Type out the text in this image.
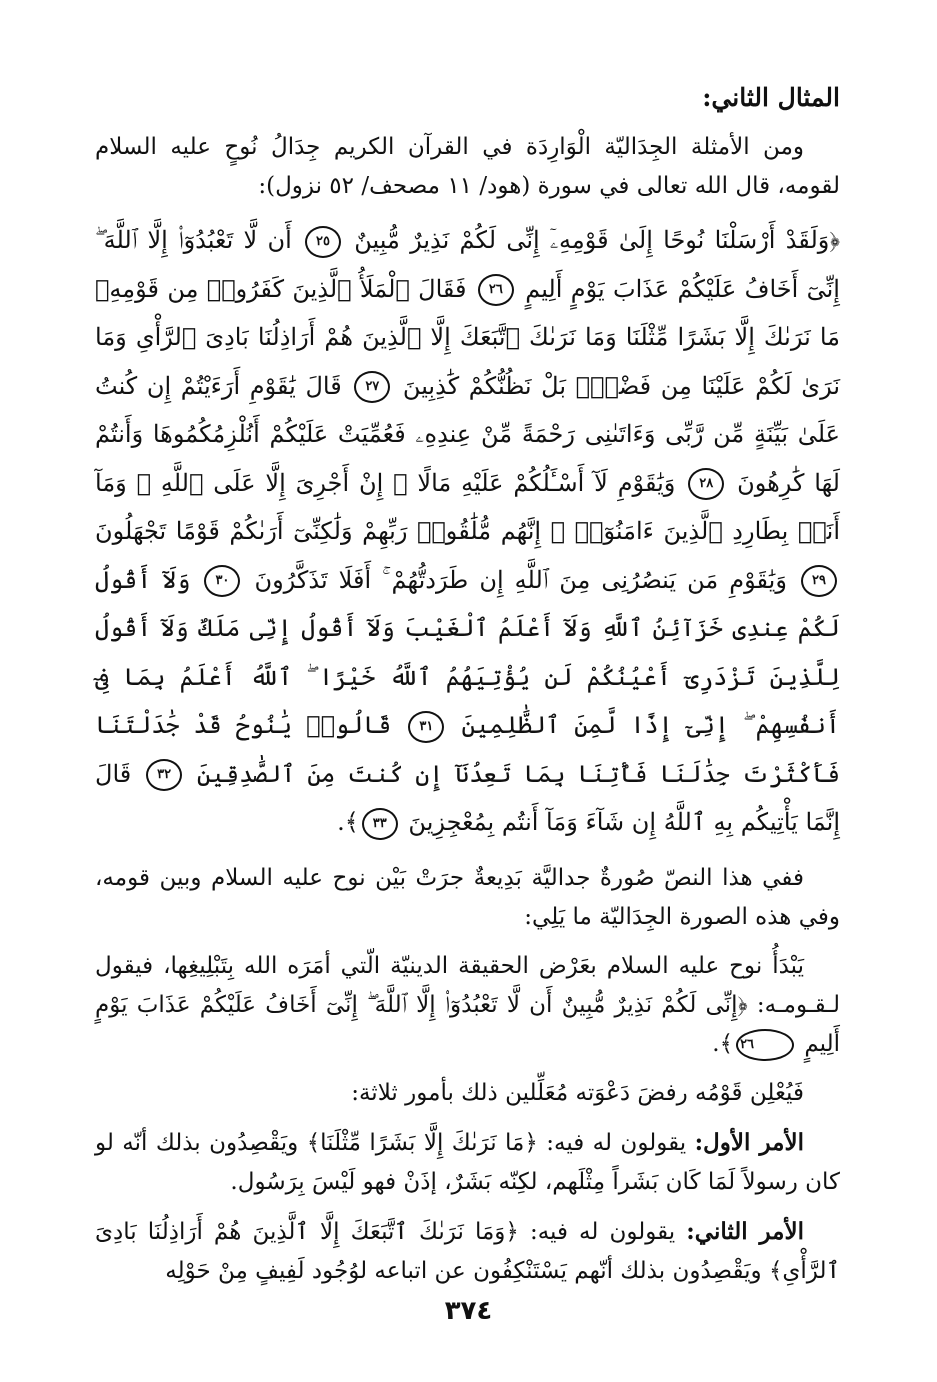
المثال الثاني:

ومن الأمثلة الجِدَاليّة الْوَارِدَة في القرآن الكريم جِدَالُ نُوحٍ عليه السلام لقومه، قال الله تعالى في سورة (هود/ ١١ مصحف/ ٥٢ نزول):

﴿وَلَقَدْ أَرْسَلْنَا نُوحًا إِلَىٰ قَوْمِهِۦٓ إِنِّى لَكُمْ نَذِيرٌ مُّبِينٌ ٢٥ أَن لَّا تَعْبُدُوٓا۟ إِلَّا ٱللَّهَ ۖ إِنِّىٓ أَخَافُ عَلَيْكُمْ عَذَابَ يَوْمٍ أَلِيمٍ ٢٦ فَقَالَ ٱلْمَلَأُ ٱلَّذِينَ كَفَرُوا۟ مِن قَوْمِهِۦ مَا نَرَىٰكَ إِلَّا بَشَرًا مِّثْلَنَا وَمَا نَرَىٰكَ ٱتَّبَعَكَ إِلَّا ٱلَّذِينَ هُمْ أَرَاذِلُنَا بَادِىَ ٱلرَّأْىِ وَمَا نَرَىٰ لَكُمْ عَلَيْنَا مِن فَضْلٍۭ بَلْ نَظُنُّكُمْ كَٰذِبِينَ ٢٧ قَالَ يَٰقَوْمِ أَرَءَيْتُمْ إِن كُنتُ عَلَىٰ بَيِّنَةٍ مِّن رَّبِّى وَءَاتَىٰنِى رَحْمَةً مِّنْ عِندِهِۦ فَعُمِّيَتْ عَلَيْكُمْ أَنُلْزِمُكُمُوهَا وَأَنتُمْ لَهَا كَٰرِهُونَ ٢٨ وَيَٰقَوْمِ لَآ أَسْـَٔلُكُمْ عَلَيْهِ مَالًا ۖ إِنْ أَجْرِىَ إِلَّا عَلَى ٱللَّهِ ۚ وَمَآ أَنَا۠ بِطَارِدِ ٱلَّذِينَ ءَامَنُوٓا۟ ۚ إِنَّهُم مُّلَٰقُوا۟ رَبِّهِمْ وَلَٰكِنِّىٓ أَرَىٰكُمْ قَوْمًا تَجْهَلُونَ ٢٩ وَيَٰقَوْمِ مَن يَنصُرُنِى مِنَ ٱللَّهِ إِن طَرَدتُّهُمْ ۚ أَفَلَا تَذَكَّرُونَ ٣٠ وَلَآ أَقُولُ لَكُمْ عِندِى خَزَآئِنُ ٱللَّهِ وَلَآ أَعْلَمُ ٱلْغَيْبَ وَلَآ أَقُولُ إِنِّى مَلَكٌ وَلَآ أَقُولُ لِلَّذِينَ تَزْدَرِىٓ أَعْيُنُكُمْ لَن يُؤْتِيَهُمُ ٱللَّهُ خَيْرًا ۖ ٱللَّهُ أَعْلَمُ بِمَا فِىٓ أَنفُسِهِمْ ۖ إِنِّىٓ إِذًا لَّمِنَ ٱلظَّٰلِمِينَ ٣١ قَالُوا۟ يَٰنُوحُ قَدْ جَٰدَلْتَنَا فَأَكْثَرْتَ جِدَٰلَنَا فَأْتِنَا بِمَا تَعِدُنَآ إِن كُنتَ مِنَ ٱلصَّٰدِقِينَ ٣٢ قَالَ إِنَّمَا يَأْتِيكُم بِهِ ٱللَّهُ إِن شَآءَ وَمَآ أَنتُم بِمُعْجِزِينَ ٣٣﴾.

ففي هذا النصّ صُورةٌ جداليَّة بَدِيعةٌ جرَتْ بَيْن نوح عليه السلام وبين قومه، وفي هذه الصورة الجِدَاليّة ما يَلِي:

يَبْدَأُ نوح عليه السلام بعَرْض الحقيقة الدينيّة الّتي أمَرَه الله بِتَبْلِيغِها، فيقول لـقـومـه: ﴿إِنِّى لَكُمْ نَذِيرٌ مُّبِينٌ أَن لَّا تَعْبُدُوٓا۟ إِلَّا ٱللَّهَ ۖ إِنِّىٓ أَخَافُ عَلَيْكُمْ عَذَابَ يَوْمٍ أَلِيمٍ ٢٦﴾.

فَيُعْلِن قَوْمُه رفضَ دَعْوَته مُعَلِّلين ذلك بأمور ثلاثة:

الأمر الأول: يقولون له فيه: ﴿مَا نَرَىٰكَ إِلَّا بَشَرًا مِّثْلَنَا﴾ ويَقْصِدُون بذلك أنّه لو كان رسولاً لَمَا كَان بَشَراً مِثْلَهم، لكِنّه بَشَرٌ، إذَنْ فهو لَيْسَ بِرَسُول.

الأمر الثاني: يقولون له فيه: ﴿وَمَا نَرَىٰكَ ٱتَّبَعَكَ إِلَّا ٱلَّذِينَ هُمْ أَرَاذِلُنَا بَادِىَ ٱلرَّأْىِ﴾ ويَقْصِدُون بذلك أنّهم يَسْتَنْكِفُون عن اتباعه لوُجُود لَفِيفٍ مِنْ حَوْلِه

٣٧٤
